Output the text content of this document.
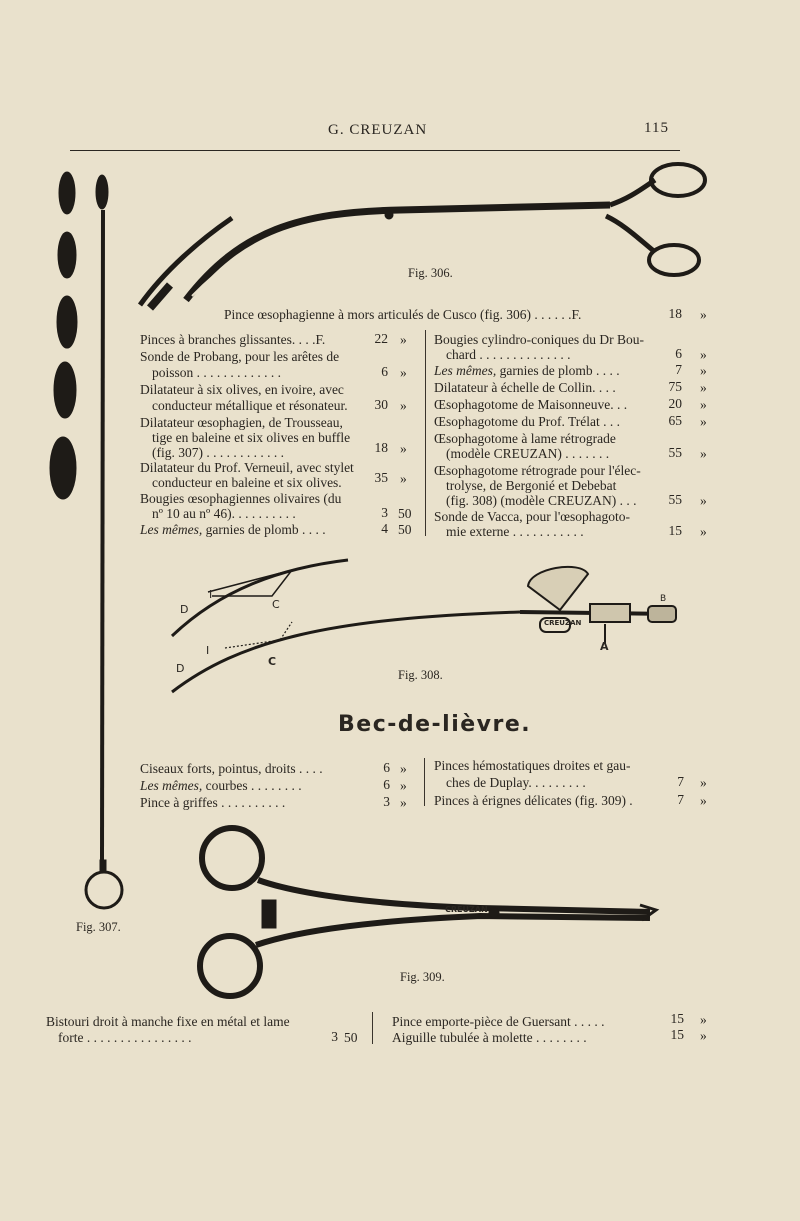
G. CREUZAN	115
CREUZAN
CREUZAN
CREUZAN
I
D	C
I
D
C
A
B
Fig. 306.
Fig. 308.
Fig. 307.
Fig. 309.
Pince œsophagienne à mors articulés de Cusco (fig. 306) . . . . . .F.	18 »
Pinces à branches glissantes. . . .F.	22 »
Sonde de Probang, pour les arêtes de
poisson . . . . . . . . . . . . .	6 »
Dilatateur à six olives, en ivoire, avec
conducteur métallique et résonateur.	30 »
Dilatateur œsophagien, de Trousseau,
tige en baleine et six olives en buffle
(fig. 307) . . . . . . . . . . . .	18 »
Dilatateur du Prof. Verneuil, avec stylet
conducteur en baleine et six olives.	35 »
Bougies œsophagiennes olivaires (du
nº 10 au nº 46). . . . . . . . . .	3 50
Les mêmes, garnies de plomb . . . .	4 50
Bougies cylindro-coniques du Dr Bou-
chard . . . . . . . . . . . . . .	6 »
Les mêmes, garnies de plomb . . . .	7 »
Dilatateur à échelle de Collin. . . .	75 »
Œsophagotome de Maisonneuve. . .	20 »
Œsophagotome du Prof. Trélat . . .	65 »
Œsophagotome à lame rétrograde
(modèle CREUZAN) . . . . . . .	55 »
Œsophagotome rétrograde pour l'élec-
trolyse, de Bergonié et Debebat
(fig. 308) (modèle CREUZAN) . . .	55 »
Sonde de Vacca, pour l'œsophagoto-
mie externe . . . . . . . . . . .	15 »
Bec-de-lièvre.
Ciseaux forts, pointus, droits . . . .	6 »
Les mêmes, courbes . . . . . . . .	6 »
Pince à griffes . . . . . . . . . .	3 »
Pinces hémostatiques droites et gau-
ches de Duplay. . . . . . . . .	7 »
Pinces à érignes délicates (fig. 309) .	7 »
Bistouri droit à manche fixe en métal et lame
forte . . . . . . . . . . . . . . . .	3 50
Pince emporte-pièce de Guersant . . . . .	15 »
Aiguille tubulée à molette . . . . . . . .	15 »
